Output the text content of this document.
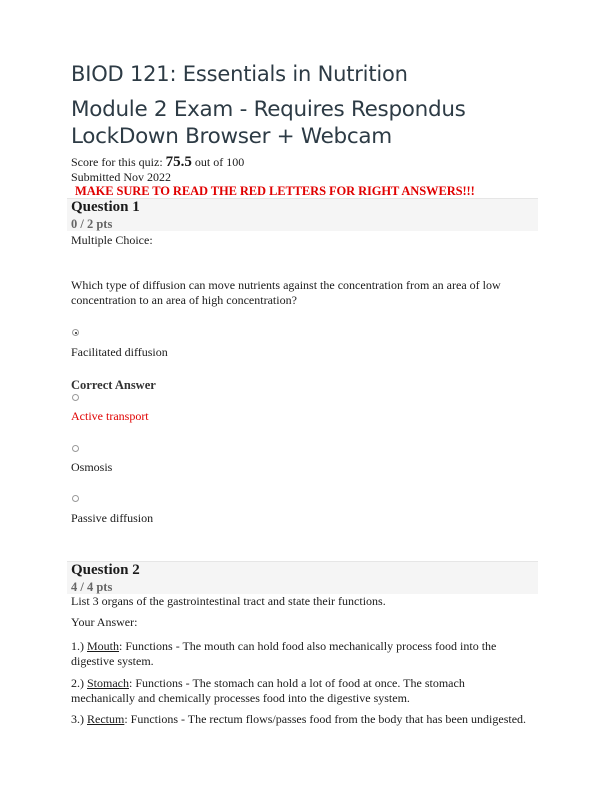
BIOD 121: Essentials in Nutrition
Module 2 Exam - Requires Respondus LockDown Browser + Webcam

Score for this quiz: 75.5 out of 100

Submitted Nov 2022

MAKE SURE TO READ THE RED LETTERS FOR RIGHT ANSWERS!!!

Question 1
0 / 2 pts

Multiple Choice:

Which type of diffusion can move nutrients against the concentration from an area of low concentration to an area of high concentration?

Facilitated diffusion

Correct Answer

Active transport

Osmosis

Passive diffusion

Question 2
4 / 4 pts

List 3 organs of the gastrointestinal tract and state their functions.

Your Answer:

1.) Mouth: Functions - The mouth can hold food also mechanically process food into the digestive system.

2.) Stomach: Functions - The stomach can hold a lot of food at once. The stomach mechanically and chemically processes food into the digestive system.

3.) Rectum: Functions - The rectum flows/passes food from the body that has been undigested.
